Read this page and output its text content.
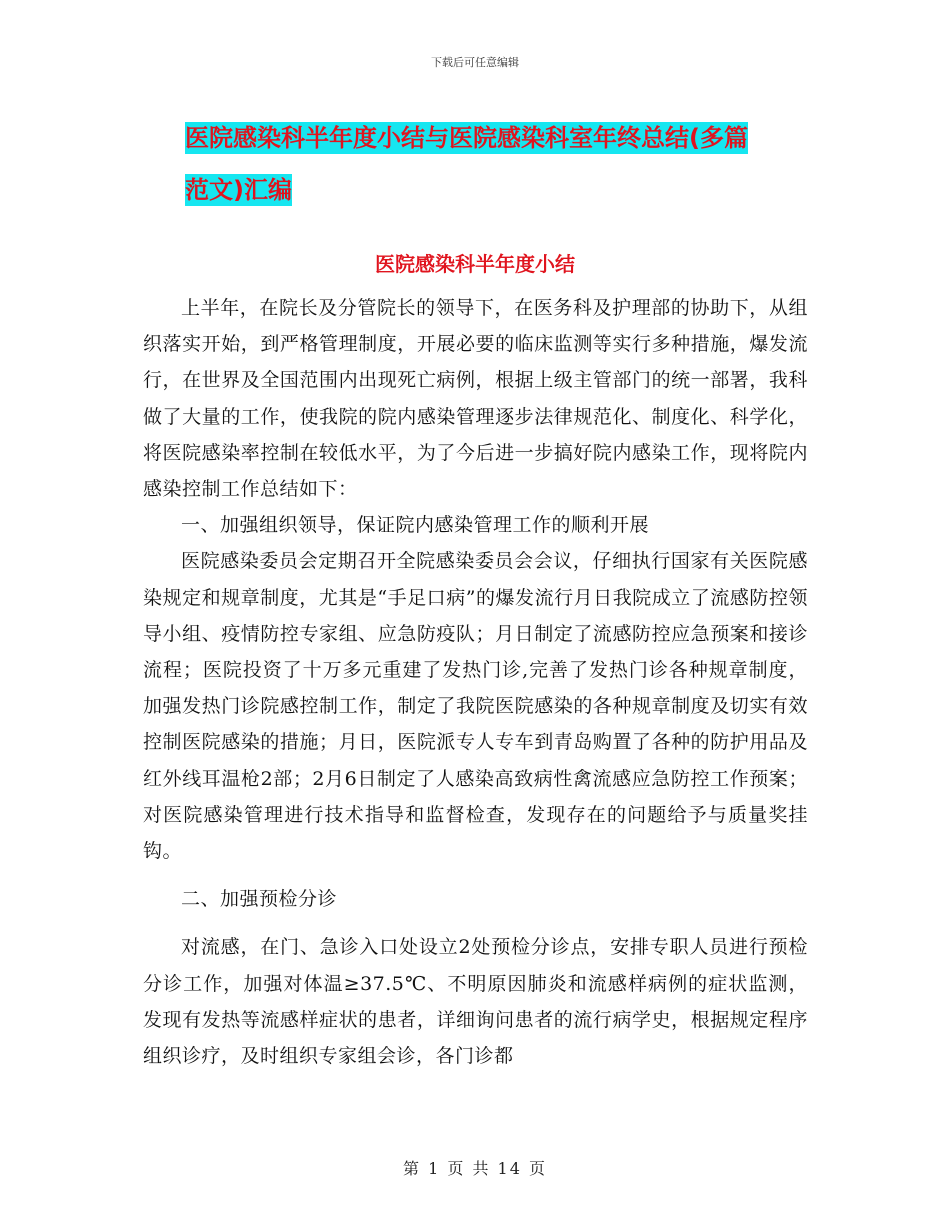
下载后可任意编辑
医院感染科半年度小结与医院感染科室年终总结(多篇
范文)汇编
医院感染科半年度小结

上半年，在院长及分管院长的领导下，在医务科及护理部的协助下，从组织落实开始，到严格管理制度，开展必要的临床监测等实行多种措施，爆发流行，在世界及全国范围内出现死亡病例，根据上级主管部门的统一部署，我科做了大量的工作，使我院的院内感染管理逐步法律规范化、制度化、科学化，将医院感染率控制在较低水平，为了今后进一步搞好院内感染工作，现将院内感染控制工作总结如下：

一、加强组织领导，保证院内感染管理工作的顺利开展

医院感染委员会定期召开全院感染委员会会议，仔细执行国家有关医院感染规定和规章制度，尤其是“手足口病”的爆发流行月日我院成立了流感防控领导小组、疫情防控专家组、应急防疫队；月日制定了流感防控应急预案和接诊流程；医院投资了十万多元重建了发热门诊,完善了发热门诊各种规章制度，加强发热门诊院感控制工作，制定了我院医院感染的各种规章制度及切实有效控制医院感染的措施；月日，医院派专人专车到青岛购置了各种的防护用品及红外线耳温枪2部；2月6日制定了人感染高致病性禽流感应急防控工作预案；对医院感染管理进行技术指导和监督检查，发现存在的问题给予与质量奖挂钩。

二、加强预检分诊

对流感，在门、急诊入口处设立2处预检分诊点，安排专职人员进行预检分诊工作，加强对体温≥37.5℃、不明原因肺炎和流感样病例的症状监测，发现有发热等流感样症状的患者，详细询问患者的流行病学史，根据规定程序组织诊疗，及时组织专家组会诊，各门诊都

第 1 页 共 14 页
